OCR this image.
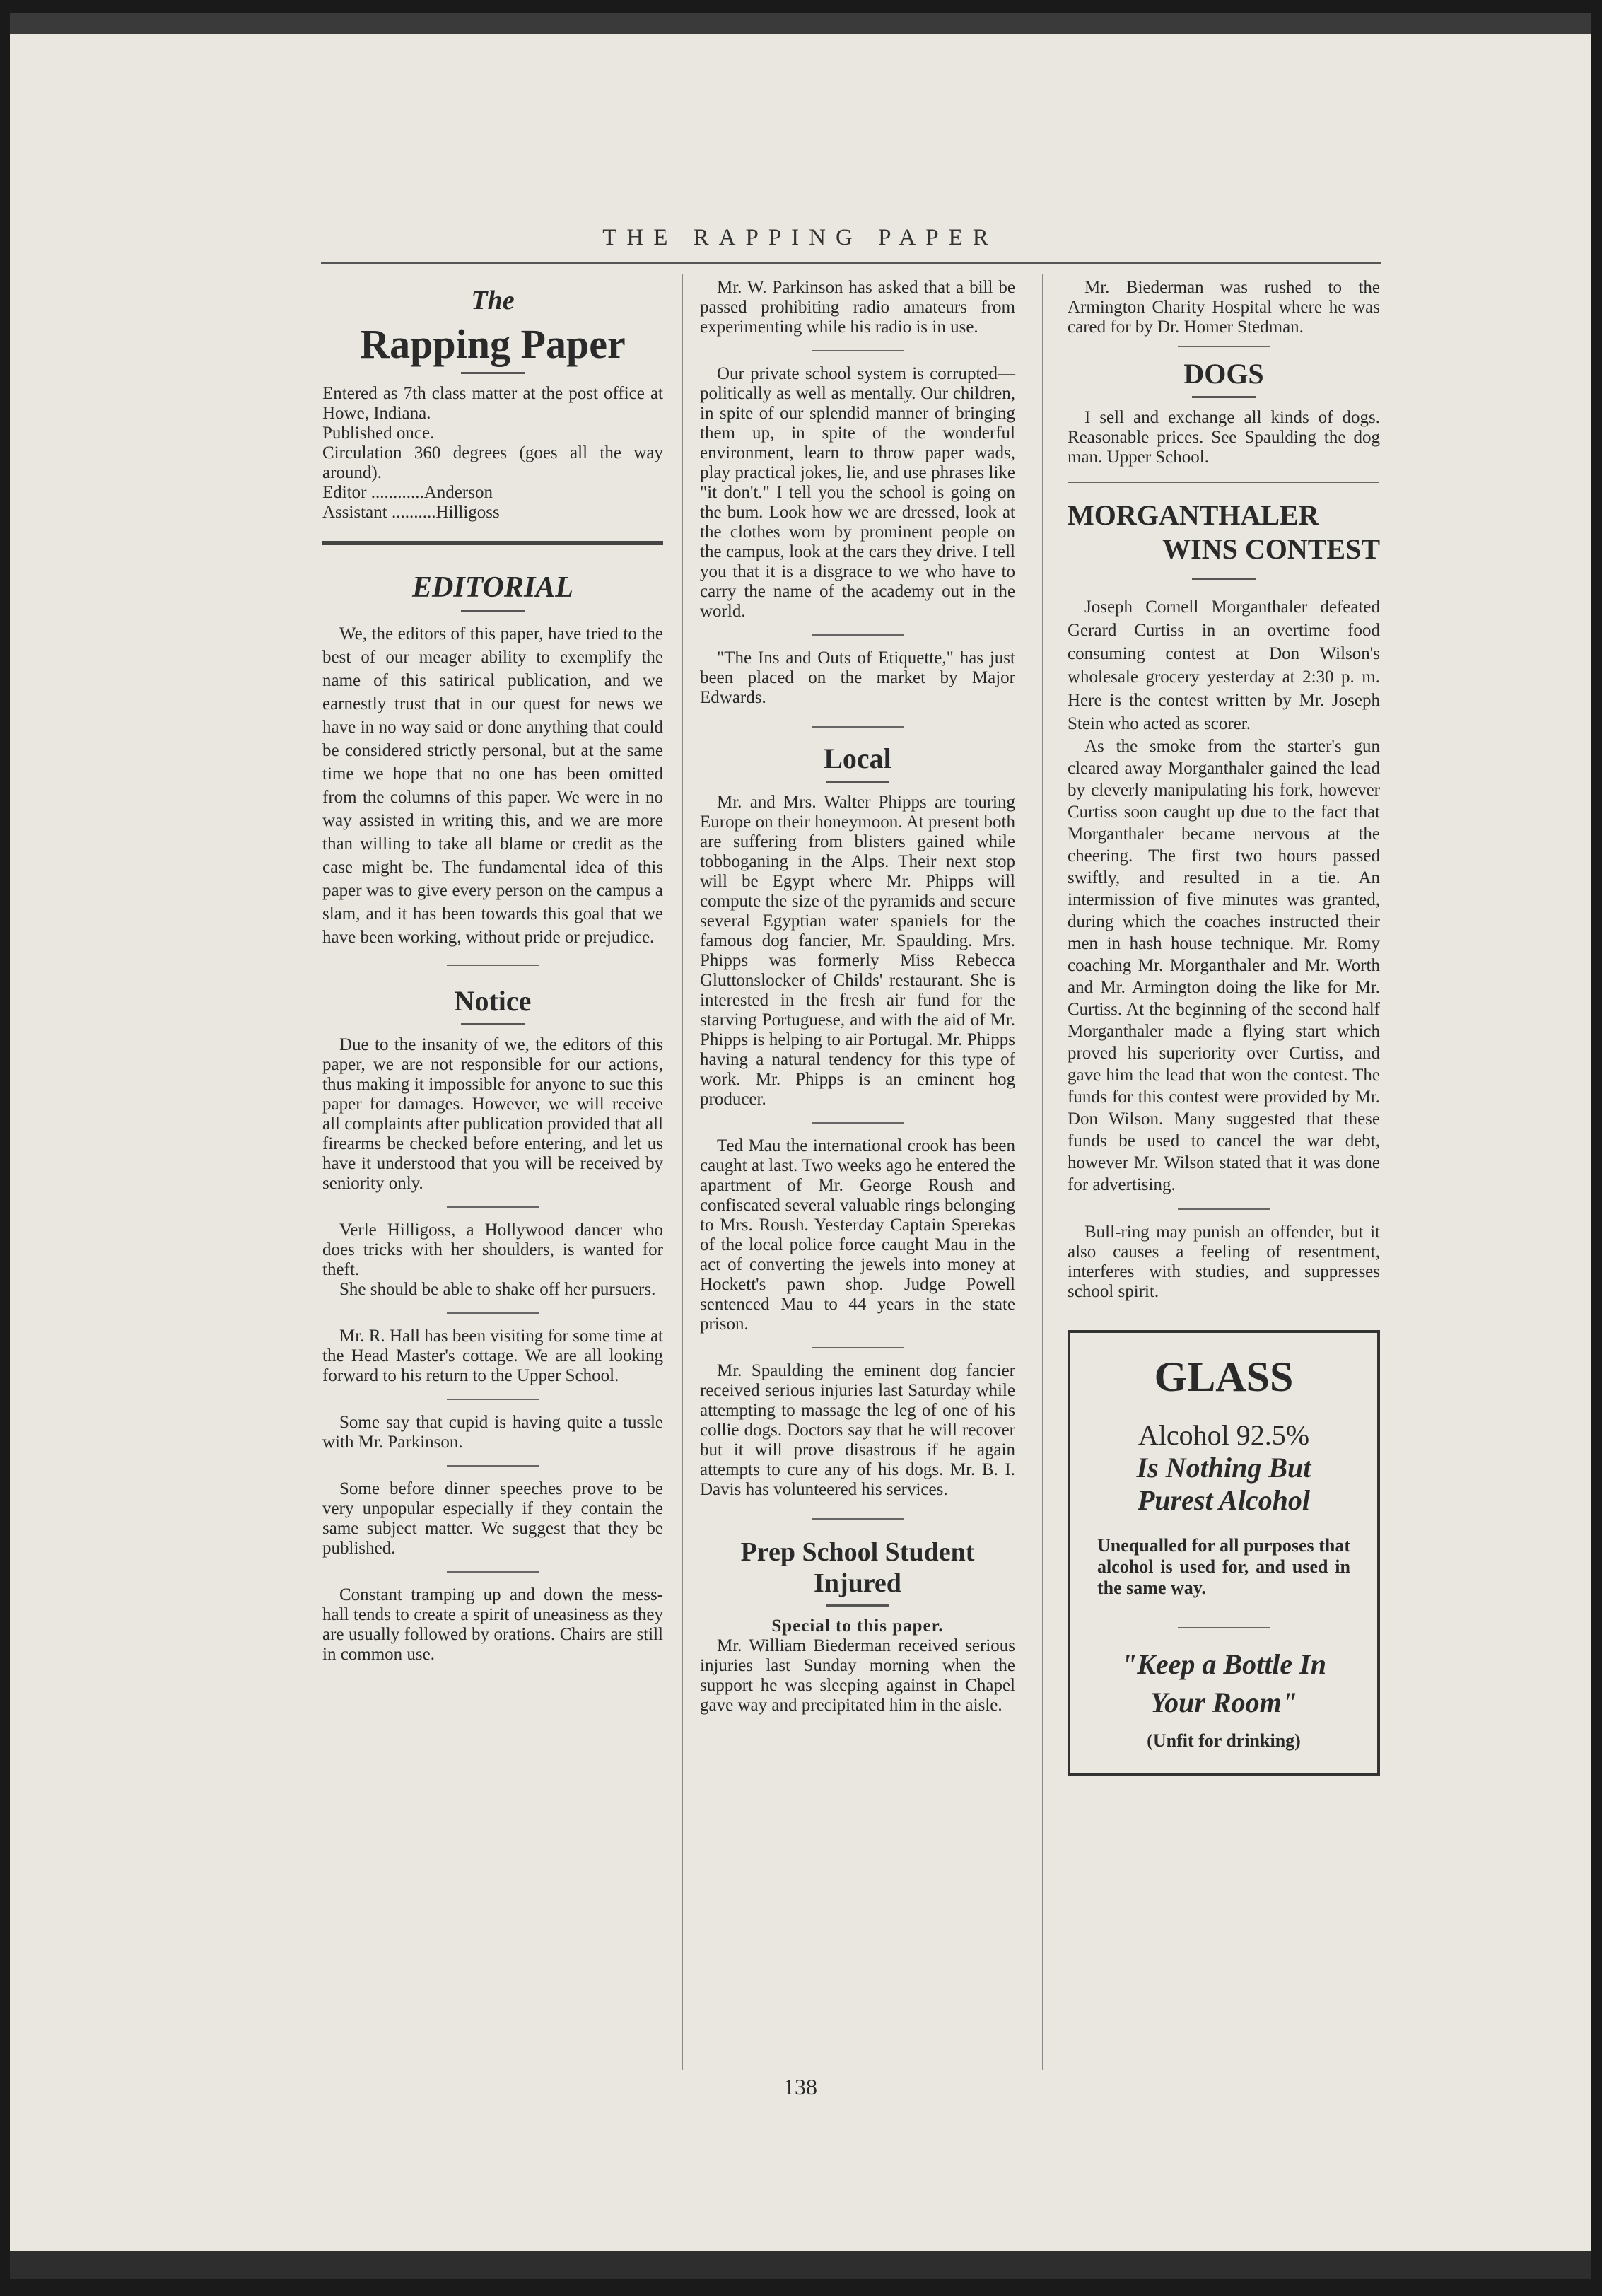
THE RAPPING PAPER
The
Rapping Paper

Entered as 7th class matter at the post office at Howe, Indiana.

Published once.

Circulation 360 degrees (goes all the way around).

Editor ............Anderson

Assistant ..........Hilligoss

EDITORIAL

We, the editors of this paper, have tried to the best of our meager ability to exemplify the name of this satirical publication, and we earnestly trust that in our quest for news we have in no way said or done anything that could be considered strictly personal, but at the same time we hope that no one has been omitted from the columns of this paper. We were in no way assisted in writing this, and we are more than willing to take all blame or credit as the case might be. The fundamental idea of this paper was to give every person on the campus a slam, and it has been towards this goal that we have been working, without pride or prejudice.

Notice

Due to the insanity of we, the editors of this paper, we are not responsible for our actions, thus making it impossible for anyone to sue this paper for damages. However, we will receive all complaints after publication provided that all firearms be checked before entering, and let us have it understood that you will be received by seniority only.

Verle Hilligoss, a Hollywood dancer who does tricks with her shoulders, is wanted for theft.

She should be able to shake off her pursuers.

Mr. R. Hall has been visiting for some time at the Head Master's cottage. We are all looking forward to his return to the Upper School.

Some say that cupid is having quite a tussle with Mr. Parkinson.

Some before dinner speeches prove to be very unpopular especially if they contain the same subject matter. We suggest that they be published.

Constant tramping up and down the mess-hall tends to create a spirit of uneasiness as they are usually followed by orations. Chairs are still in common use.

Mr. W. Parkinson has asked that a bill be passed prohibiting radio amateurs from experimenting while his radio is in use.

Our private school system is corrupted—politically as well as mentally. Our children, in spite of our splendid manner of bringing them up, in spite of the wonderful environment, learn to throw paper wads, play practical jokes, lie, and use phrases like "it don't." I tell you the school is going on the bum. Look how we are dressed, look at the clothes worn by prominent people on the campus, look at the cars they drive. I tell you that it is a disgrace to we who have to carry the name of the academy out in the world.

"The Ins and Outs of Etiquette," has just been placed on the market by Major Edwards.

Local

Mr. and Mrs. Walter Phipps are touring Europe on their honeymoon. At present both are suffering from blisters gained while tobboganing in the Alps. Their next stop will be Egypt where Mr. Phipps will compute the size of the pyramids and secure several Egyptian water spaniels for the famous dog fancier, Mr. Spaulding. Mrs. Phipps was formerly Miss Rebecca Gluttonslocker of Childs' restaurant. She is interested in the fresh air fund for the starving Portuguese, and with the aid of Mr. Phipps is helping to air Portugal. Mr. Phipps having a natural tendency for this type of work. Mr. Phipps is an eminent hog producer.

Ted Mau the international crook has been caught at last. Two weeks ago he entered the apartment of Mr. George Roush and confiscated several valuable rings belonging to Mrs. Roush. Yesterday Captain Sperekas of the local police force caught Mau in the act of converting the jewels into money at Hockett's pawn shop. Judge Powell sentenced Mau to 44 years in the state prison.

Mr. Spaulding the eminent dog fancier received serious injuries last Saturday while attempting to massage the leg of one of his collie dogs. Doctors say that he will recover but it will prove disastrous if he again attempts to cure any of his dogs. Mr. B. I. Davis has volunteered his services.

Prep School Student Injured
Special to this paper.

Mr. William Biederman received serious injuries last Sunday morning when the support he was sleeping against in Chapel gave way and precipitated him in the aisle.

Mr. Biederman was rushed to the Armington Charity Hospital where he was cared for by Dr. Homer Stedman.

DOGS

I sell and exchange all kinds of dogs. Reasonable prices. See Spaulding the dog man. Upper School.

MORGANTHALER
WINS CONTEST

Joseph Cornell Morganthaler defeated Gerard Curtiss in an overtime food consuming contest at Don Wilson's wholesale grocery yesterday at 2:30 p. m. Here is the contest written by Mr. Joseph Stein who acted as scorer.

As the smoke from the starter's gun cleared away Morganthaler gained the lead by cleverly manipulating his fork, however Curtiss soon caught up due to the fact that Morganthaler became nervous at the cheering. The first two hours passed swiftly, and resulted in a tie. An intermission of five minutes was granted, during which the coaches instructed their men in hash house technique. Mr. Romy coaching Mr. Morganthaler and Mr. Worth and Mr. Armington doing the like for Mr. Curtiss. At the beginning of the second half Morganthaler made a flying start which proved his superiority over Curtiss, and gave him the lead that won the contest. The funds for this contest were provided by Mr. Don Wilson. Many suggested that these funds be used to cancel the war debt, however Mr. Wilson stated that it was done for advertising.

Bull-ring may punish an offender, but it also causes a feeling of resentment, interferes with studies, and suppresses school spirit.

GLASS
Alcohol 92.5%
Is Nothing But
Purest Alcohol
Unequalled for all purposes that alcohol is used for, and used in the same way.
"Keep a Bottle In
Your Room"
(Unfit for drinking)
138
